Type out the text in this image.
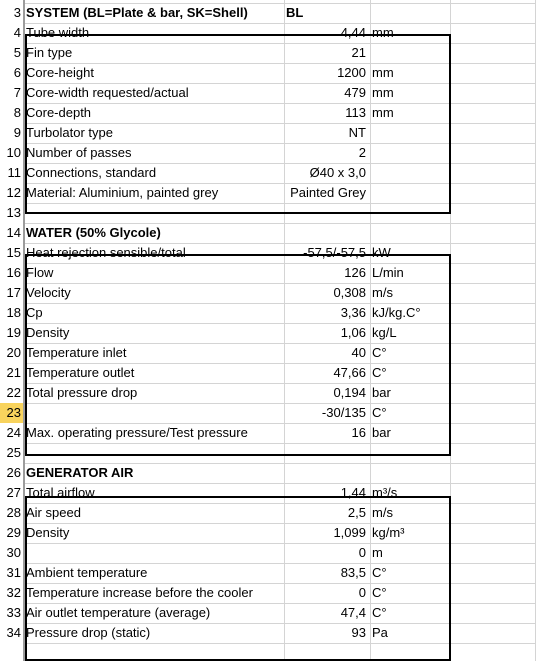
3 SYSTEM (BL=Plate & bar, SK=Shell)	BL
4 Tube width	4,44 mm
5 Fin type	21
6 Core-height	1200 mm
7 Core-width requested/actual	479 mm
8 Core-depth	113 mm
9 Turbolator type	NT
10 Number of passes	2
11 Connections, standard	Ø40 x 3,0
12 Material: Aluminium, painted grey	Painted Grey
13
14 WATER (50% Glycole)
15 Heat rejection sensible/total	-57,5/-57,5 kW
16 Flow	126 L/min
17 Velocity	0,308 m/s
18 Cp	3,36 kJ/kg.C°
19 Density	1,06 kg/L
20 Temperature inlet	40 C°
21 Temperature outlet	47,66 C°
22 Total pressure drop	0,194 bar
23	-30/135 C°
24 Max. operating pressure/Test pressure	16 bar
25
26 GENERATOR AIR
27 Total airflow	1,44 m³/s
28 Air speed	2,5 m/s
29 Density	1,099 kg/m³
30	0 m
31 Ambient temperature	83,5 C°
32 Temperature increase before the cooler	0 C°
33 Air outlet temperature (average)	47,4 C°
34 Pressure drop (static)	93 Pa
